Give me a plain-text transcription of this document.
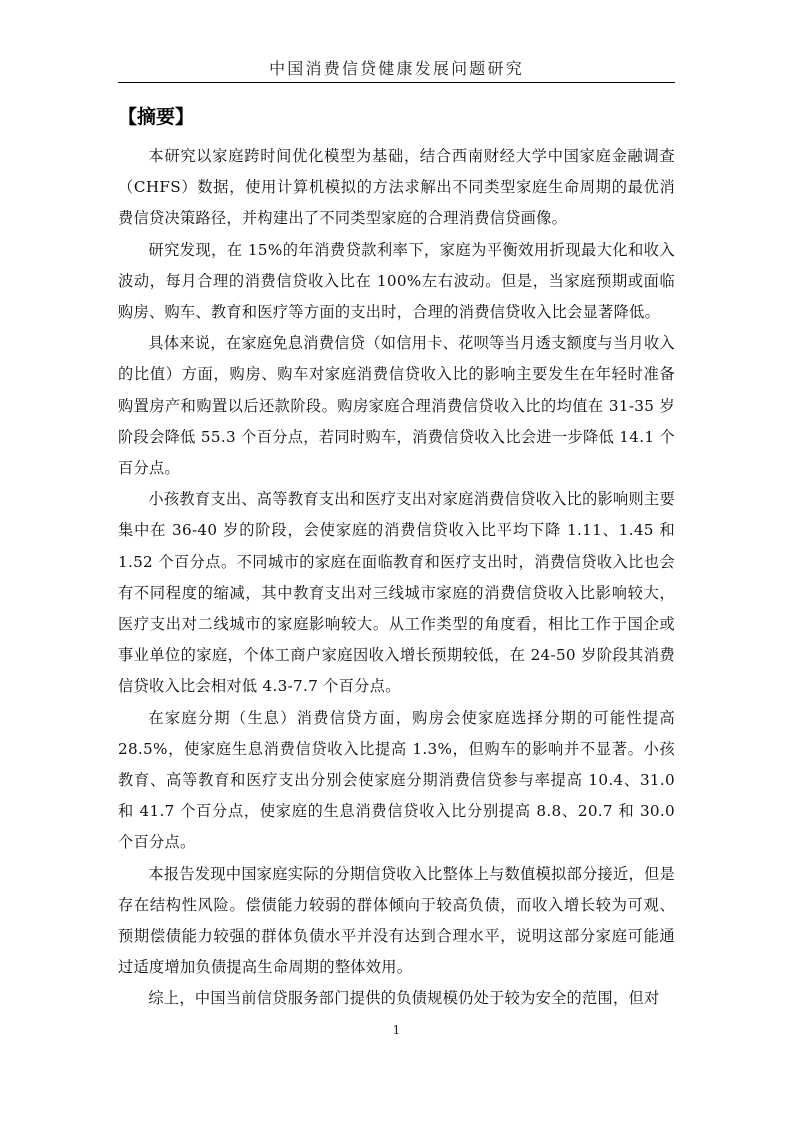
中国消费信贷健康发展问题研究
【摘要】

本研究以家庭跨时间优化模型为基础，结合西南财经大学中国家庭金融调查（CHFS）数据，使用计算机模拟的方法求解出不同类型家庭生命周期的最优消费信贷决策路径，并构建出了不同类型家庭的合理消费信贷画像。

研究发现，在 15%的年消费贷款利率下，家庭为平衡效用折现最大化和收入波动，每月合理的消费信贷收入比在 100%左右波动。但是，当家庭预期或面临购房、购车、教育和医疗等方面的支出时，合理的消费信贷收入比会显著降低。

具体来说，在家庭免息消费信贷（如信用卡、花呗等当月透支额度与当月收入的比值）方面，购房、购车对家庭消费信贷收入比的影响主要发生在年轻时准备购置房产和购置以后还款阶段。购房家庭合理消费信贷收入比的均值在 31-35 岁阶段会降低 55.3 个百分点，若同时购车，消费信贷收入比会进一步降低 14.1 个百分点。

小孩教育支出、高等教育支出和医疗支出对家庭消费信贷收入比的影响则主要集中在 36-40 岁的阶段，会使家庭的消费信贷收入比平均下降 1.11、1.45 和 1.52 个百分点。不同城市的家庭在面临教育和医疗支出时，消费信贷收入比也会有不同程度的缩减，其中教育支出对三线城市家庭的消费信贷收入比影响较大，医疗支出对二线城市的家庭影响较大。从工作类型的角度看，相比工作于国企或事业单位的家庭，个体工商户家庭因收入增长预期较低，在 24-50 岁阶段其消费信贷收入比会相对低 4.3-7.7 个百分点。

在家庭分期（生息）消费信贷方面，购房会使家庭选择分期的可能性提高 28.5%，使家庭生息消费信贷收入比提高 1.3%，但购车的影响并不显著。小孩教育、高等教育和医疗支出分别会使家庭分期消费信贷参与率提高 10.4、31.0 和 41.7 个百分点，使家庭的生息消费信贷收入比分别提高 8.8、20.7 和 30.0 个百分点。

本报告发现中国家庭实际的分期信贷收入比整体上与数值模拟部分接近，但是存在结构性风险。偿债能力较弱的群体倾向于较高负债，而收入增长较为可观、预期偿债能力较强的群体负债水平并没有达到合理水平，说明这部分家庭可能通过适度增加负债提高生命周期的整体效用。

综上，中国当前信贷服务部门提供的负债规模仍处于较为安全的范围，但对

1
